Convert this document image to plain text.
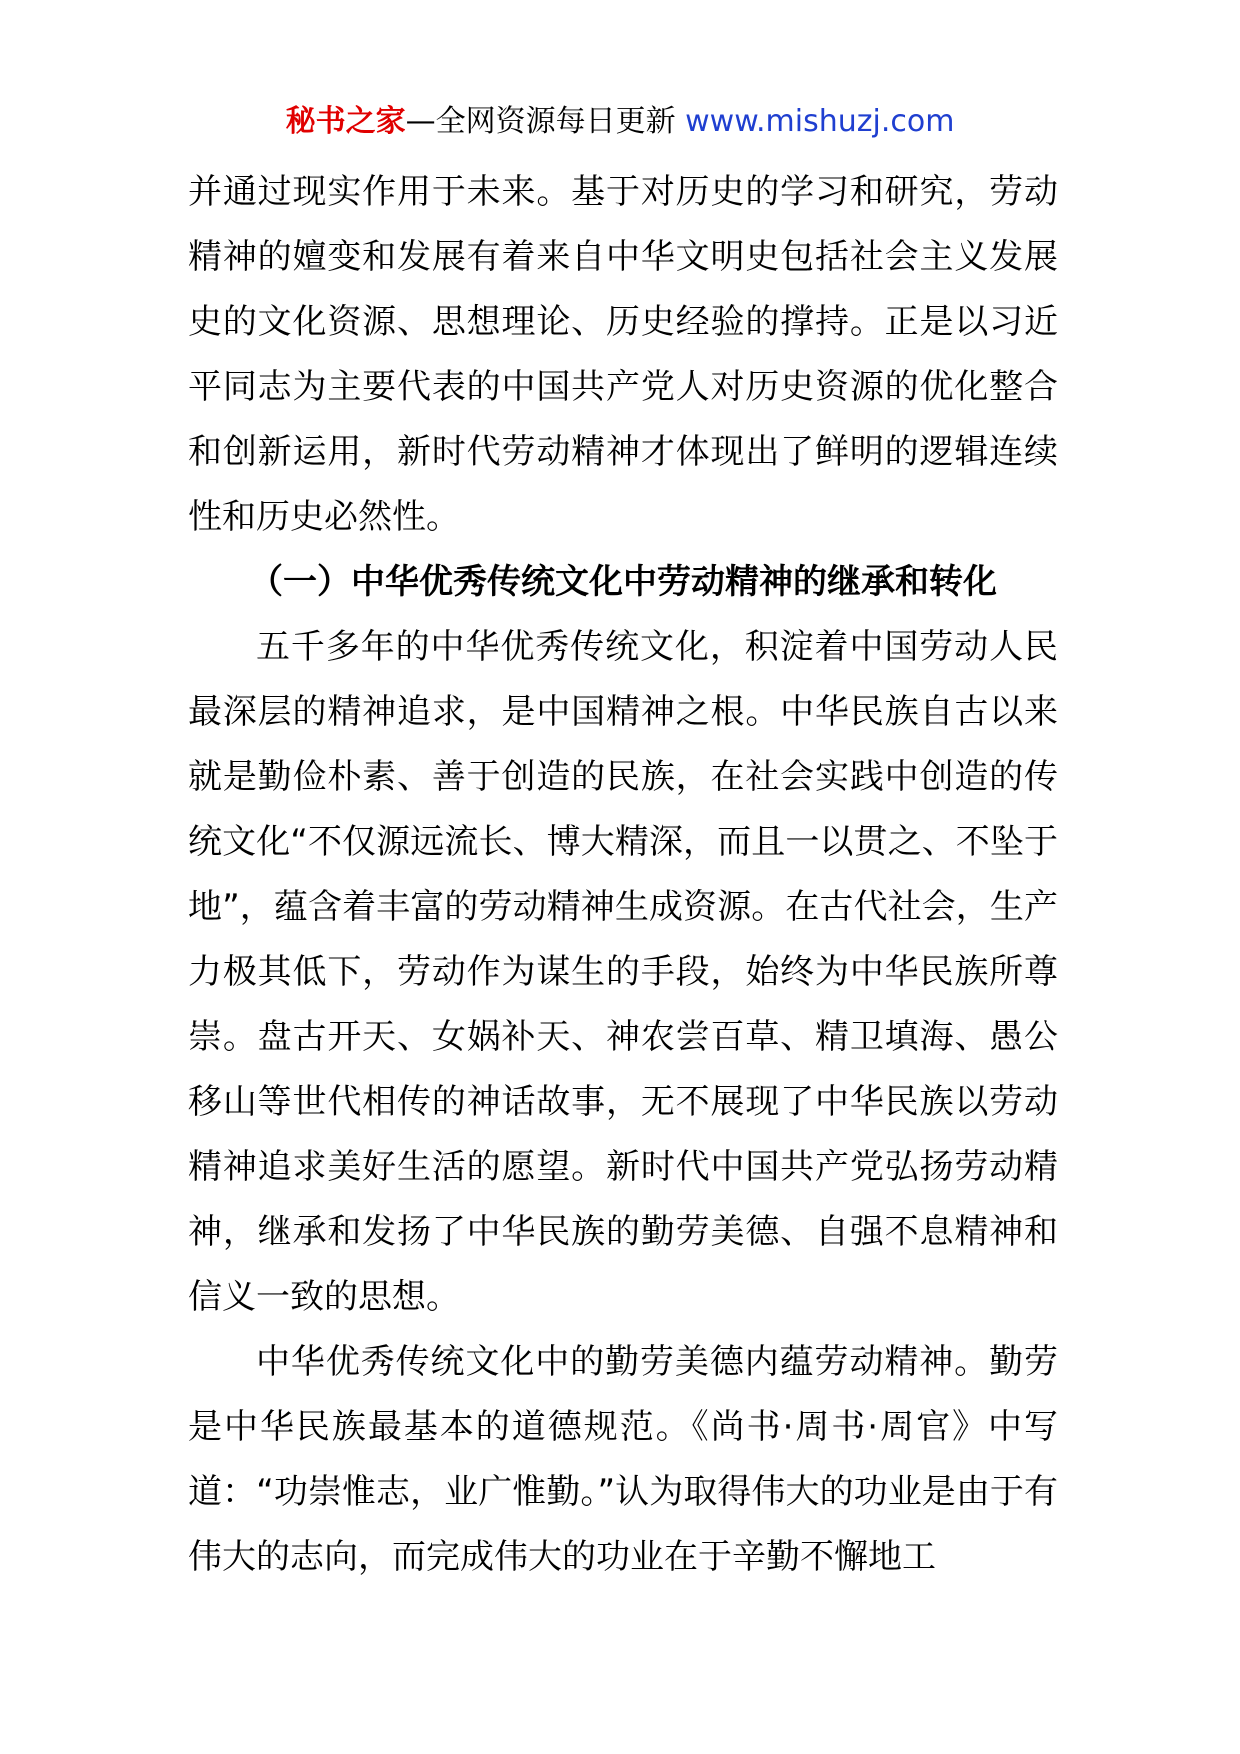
秘书之家—全网资源每日更新 www.mishuzj.com

并通过现实作用于未来。基于对历史的学习和研究，劳动精神的嬗变和发展有着来自中华文明史包括社会主义发展史的文化资源、思想理论、历史经验的撑持。正是以习近平同志为主要代表的中国共产党人对历史资源的优化整合和创新运用，新时代劳动精神才体现出了鲜明的逻辑连续性和历史必然性。

（一）中华优秀传统文化中劳动精神的继承和转化

五千多年的中华优秀传统文化，积淀着中国劳动人民最深层的精神追求，是中国精神之根。中华民族自古以来就是勤俭朴素、善于创造的民族，在社会实践中创造的传统文化“不仅源远流长、博大精深，而且一以贯之、不坠于地”，蕴含着丰富的劳动精神生成资源。在古代社会，生产力极其低下，劳动作为谋生的手段，始终为中华民族所尊崇。盘古开天、女娲补天、神农尝百草、精卫填海、愚公移山等世代相传的神话故事，无不展现了中华民族以劳动精神追求美好生活的愿望。新时代中国共产党弘扬劳动精神，继承和发扬了中华民族的勤劳美德、自强不息精神和信义一致的思想。

中华优秀传统文化中的勤劳美德内蕴劳动精神。勤劳是中华民族最基本的道德规范。《尚书·周书·周官》中写道：“功崇惟志，业广惟勤。”认为取得伟大的功业是由于有伟大的志向，而完成伟大的功业在于辛勤不懈地工
